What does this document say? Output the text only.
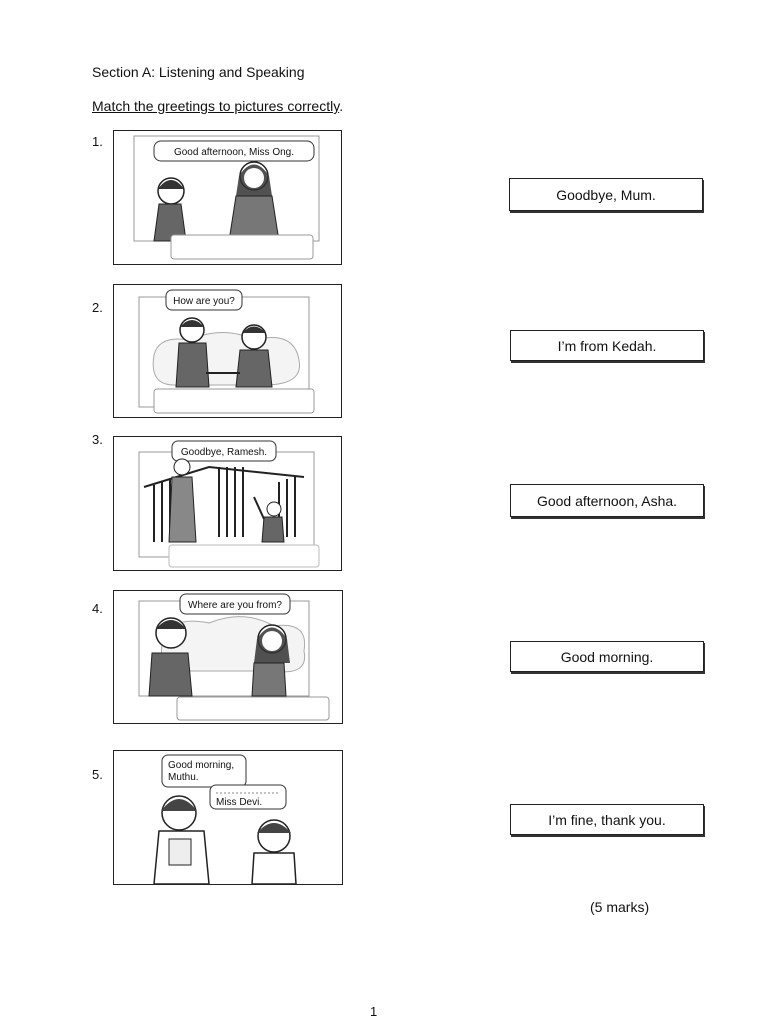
Section A: Listening and Speaking
Match the greetings to pictures correctly.
1.
Good afternoon, Miss Ong.
2.	How are you?
3.
Goodbye, Ramesh.
4.	Where are you from?
5.
Good morning,
Muthu.
Miss Devi.
Goodbye, Mum.
I’m from Kedah.
Good afternoon, Asha.
Good morning.
I’m fine, thank you.
(5 marks)
1
